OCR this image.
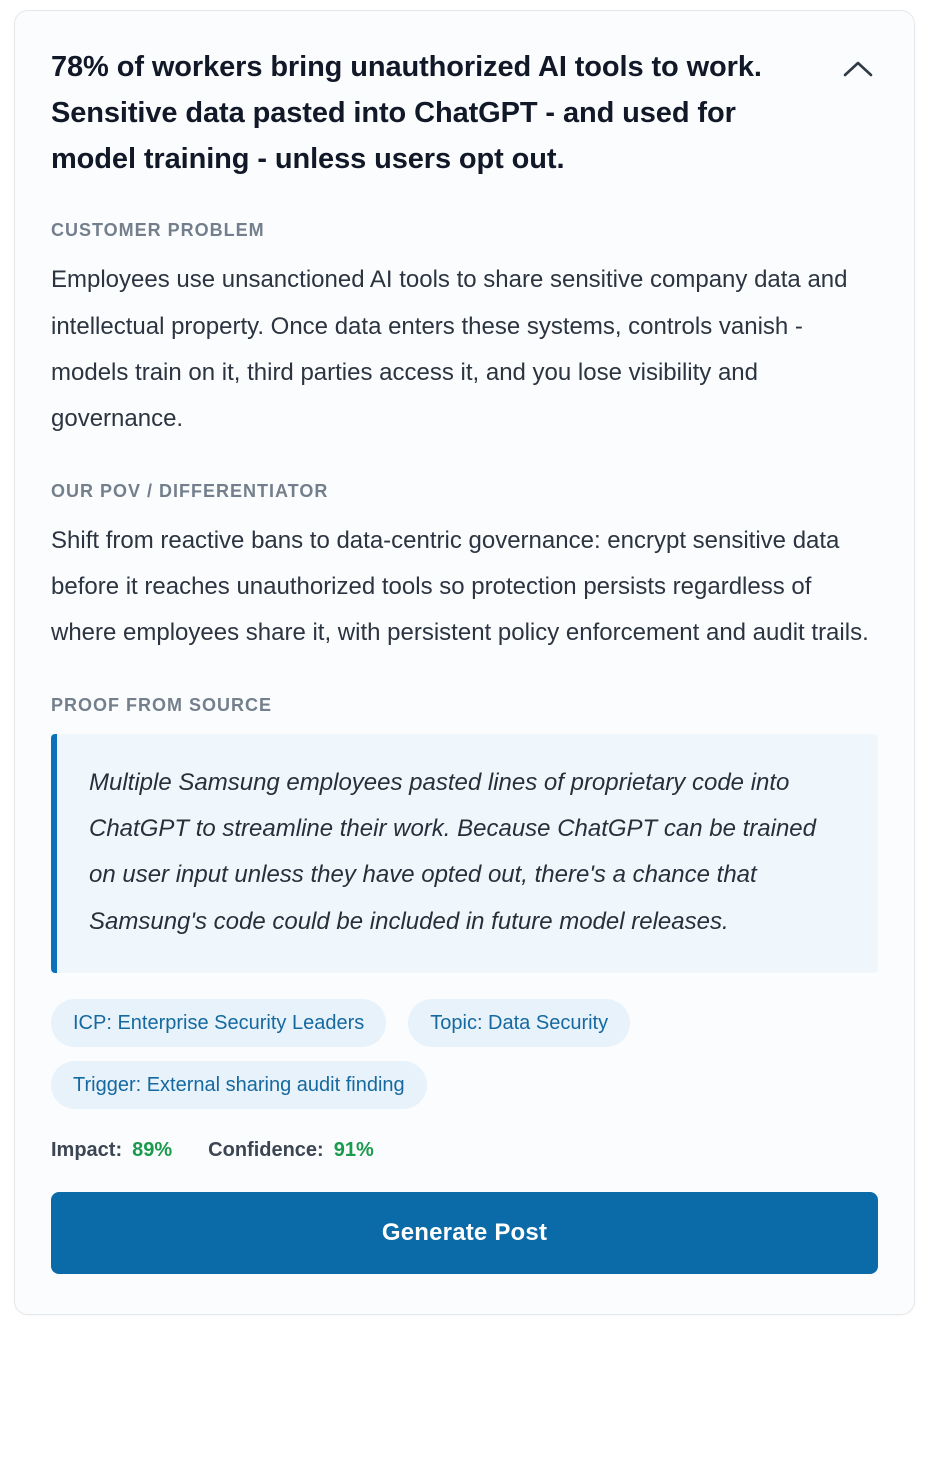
78% of workers bring unauthorized AI tools to work. Sensitive data pasted into ChatGPT - and used for model training - unless users opt out.
CUSTOMER PROBLEM
Employees use unsanctioned AI tools to share sensitive company data and intellectual property. Once data enters these systems, controls vanish - models train on it, third parties access it, and you lose visibility and governance.
OUR POV / DIFFERENTIATOR
Shift from reactive bans to data-centric governance: encrypt sensitive data before it reaches unauthorized tools so protection persists regardless of where employees share it, with persistent policy enforcement and audit trails.
PROOF FROM SOURCE

Multiple Samsung employees pasted lines of proprietary code into ChatGPT to streamline their work. Because ChatGPT can be trained on user input unless they have opted out, there's a chance that Samsung's code could be included in future model releases.

ICP: Enterprise Security Leaders	Topic: Data Security
Trigger: External sharing audit finding
Impact: 89% Confidence: 91%
Generate Post
